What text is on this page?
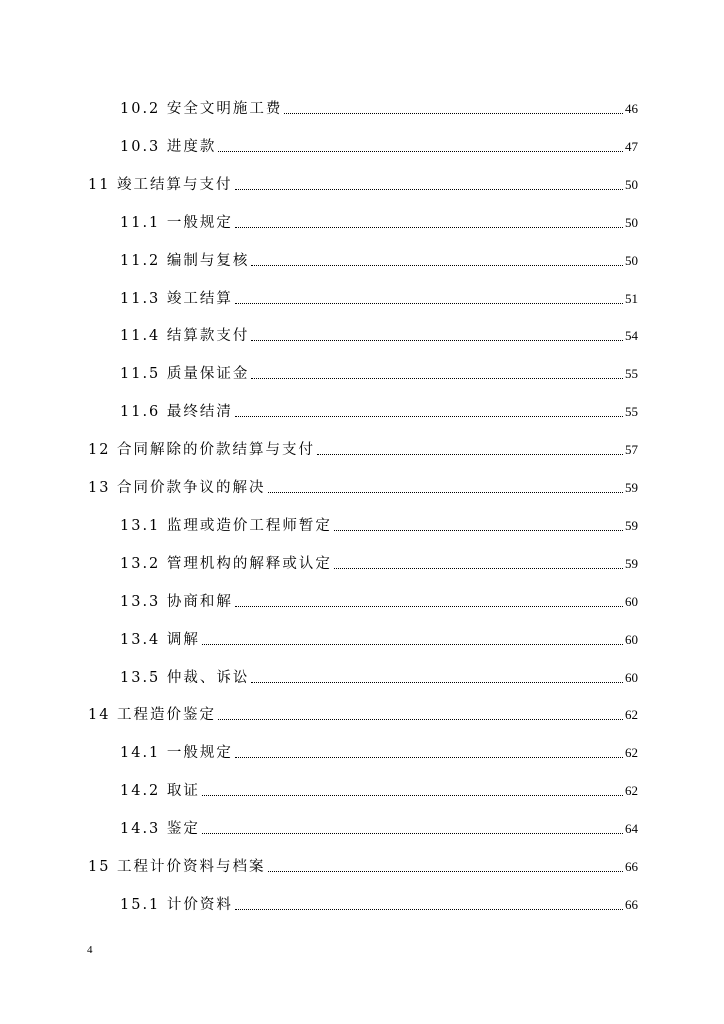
10.2 安全文明施工费	46
10.3 进度款	47
11 竣工结算与支付	50
11.1 一般规定	50
11.2 编制与复核	50
11.3 竣工结算	51
11.4 结算款支付	54
11.5 质量保证金	55
11.6 最终结清	55
12 合同解除的价款结算与支付	57
13 合同价款争议的解决	59
13.1 监理或造价工程师暂定	59
13.2 管理机构的解释或认定	59
13.3 协商和解	60
13.4 调解	60
13.5 仲裁、诉讼	60
14 工程造价鉴定	62
14.1 一般规定	62
14.2 取证	62
14.3 鉴定	64
15 工程计价资料与档案	66
15.1 计价资料	66
4
